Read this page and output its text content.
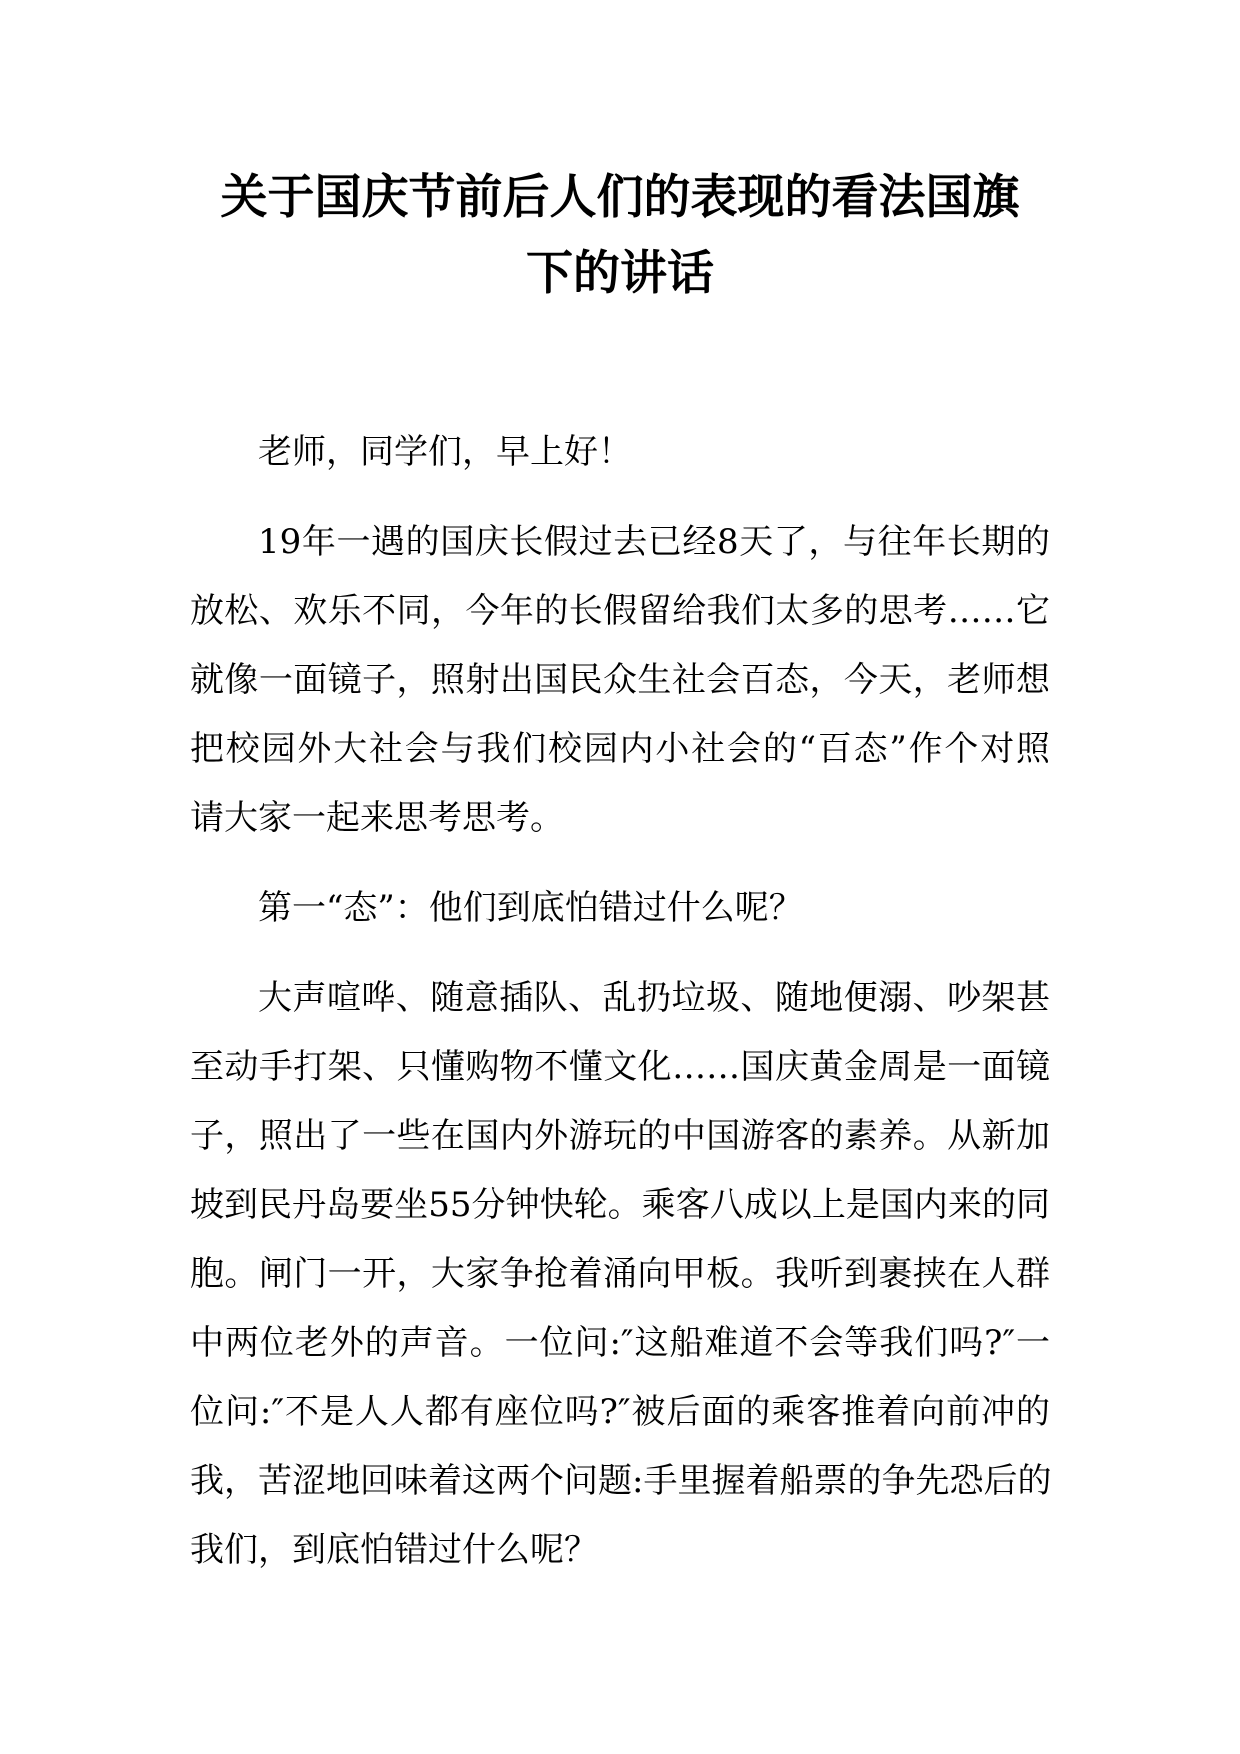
关于国庆节前后人们的表现的看法国旗
下的讲话
老师，同学们，早上好！
19年一遇的国庆长假过去已经8天了，与往年长期的
放松、欢乐不同，今年的长假留给我们太多的思考……它
就像一面镜子，照射出国民众生社会百态，今天，老师想
把校园外大社会与我们校园内小社会的“百态”作个对照
请大家一起来思考思考。
第一“态”：他们到底怕错过什么呢？
大声喧哗、随意插队、乱扔垃圾、随地便溺、吵架甚
至动手打架、只懂购物不懂文化……国庆黄金周是一面镜
子，照出了一些在国内外游玩的中国游客的素养。从新加
坡到民丹岛要坐55分钟快轮。乘客八成以上是国内来的同
胞。闸门一开，大家争抢着涌向甲板。我听到裹挟在人群
中两位老外的声音。一位问:″这船难道不会等我们吗?″一
位问:″不是人人都有座位吗?″被后面的乘客推着向前冲的
我，苦涩地回味着这两个问题:手里握着船票的争先恐后的
我们，到底怕错过什么呢？
